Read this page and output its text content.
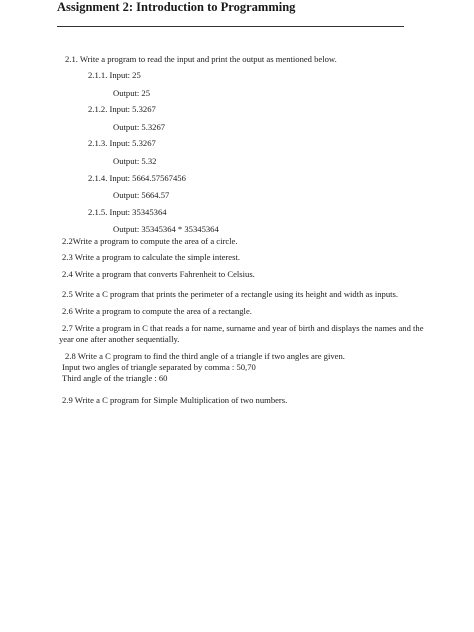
Assignment 2: Introduction to Programming
2.1. Write a program to read the input and print the output as mentioned below.
2.1.1. Input: 25
Output: 25
2.1.2. Input: 5.3267
Output: 5.3267
2.1.3. Input: 5.3267
Output: 5.32
2.1.4. Input: 5664.57567456
Output: 5664.57
2.1.5. Input: 35345364
Output: 35345364 * 35345364
2.2Write a program to compute the area of a circle.
2.3 Write a program to calculate the simple interest.
2.4 Write a program that converts Fahrenheit to Celsius.
2.5 Write a C program that prints the perimeter of a rectangle using its height and width as inputs.
2.6 Write a program to compute the area of a rectangle.
2.7 Write a program in C that reads a for name, surname and year of birth and displays the names and the year one after another sequentially.
2.8 Write a C program to find the third angle of a triangle if two angles are given.
Input two angles of triangle separated by comma : 50,70
Third angle of the triangle : 60
2.9 Write a C program for Simple Multiplication of two numbers.
